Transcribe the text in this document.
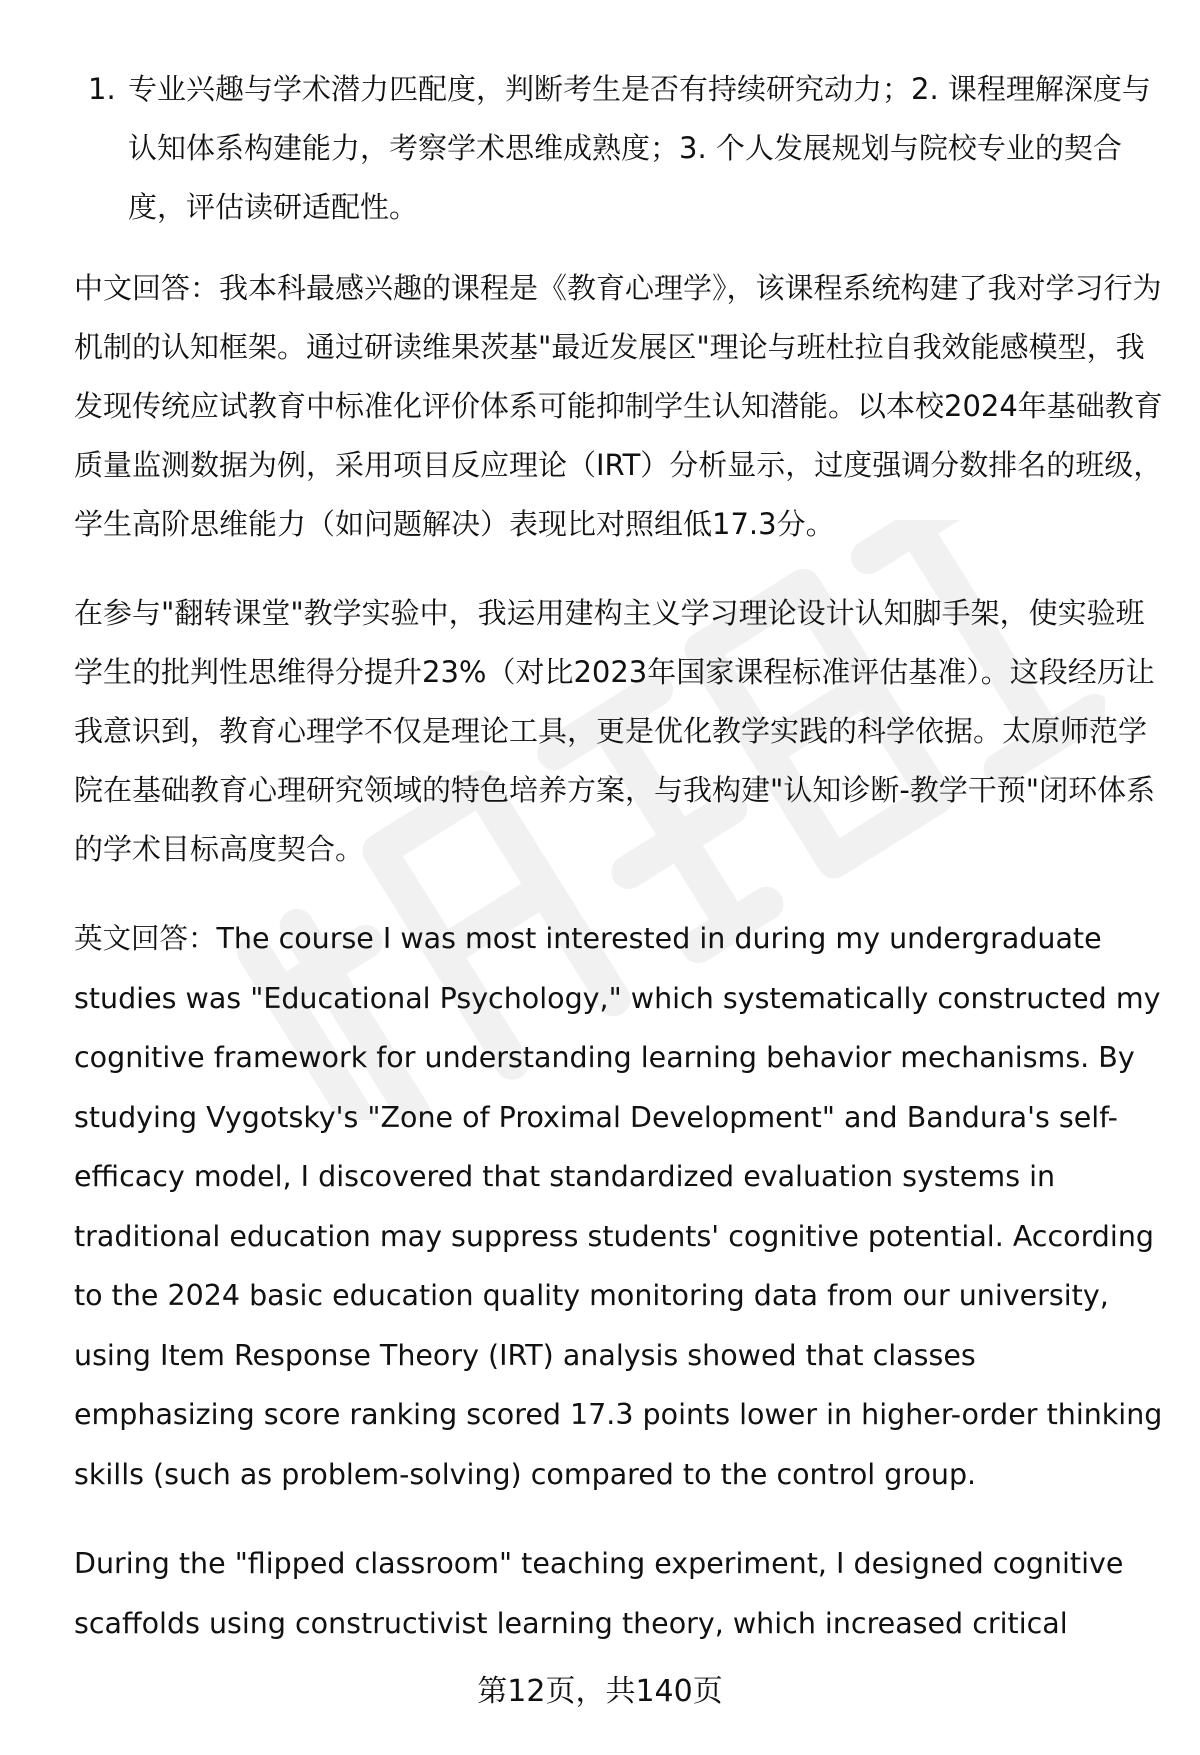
1. 专业兴趣与学术潜力匹配度，判断考生是否有持续研究动力；2. 课程理解深度与认知体系构建能力，考察学术思维成熟度；3. 个人发展规划与院校专业的契合度，评估读研适配性。

中文回答：我本科最感兴趣的课程是《教育心理学》，该课程系统构建了我对学习行为机制的认知框架。通过研读维果茨基"最近发展区"理论与班杜拉自我效能感模型，我发现传统应试教育中标准化评价体系可能抑制学生认知潜能。以本校2024年基础教育质量监测数据为例，采用项目反应理论（IRT）分析显示，过度强调分数排名的班级，学生高阶思维能力（如问题解决）表现比对照组低17.3分。

在参与"翻转课堂"教学实验中，我运用建构主义学习理论设计认知脚手架，使实验班学生的批判性思维得分提升23%（对比2023年国家课程标准评估基准）。这段经历让我意识到，教育心理学不仅是理论工具，更是优化教学实践的科学依据。太原师范学院在基础教育心理研究领域的特色培养方案，与我构建"认知诊断-教学干预"闭环体系的学术目标高度契合。

英文回答：The course I was most interested in during my undergraduate studies was "Educational Psychology," which systematically constructed my cognitive framework for understanding learning behavior mechanisms. By studying Vygotsky's "Zone of Proximal Development" and Bandura's self-efficacy model, I discovered that standardized evaluation systems in traditional education may suppress students' cognitive potential. According to the 2024 basic education quality monitoring data from our university, using Item Response Theory (IRT) analysis showed that classes emphasizing score ranking scored 17.3 points lower in higher-order thinking skills (such as problem-solving) compared to the control group.

During the "flipped classroom" teaching experiment, I designed cognitive scaffolds using constructivist learning theory, which increased critical

第12页，共140页
